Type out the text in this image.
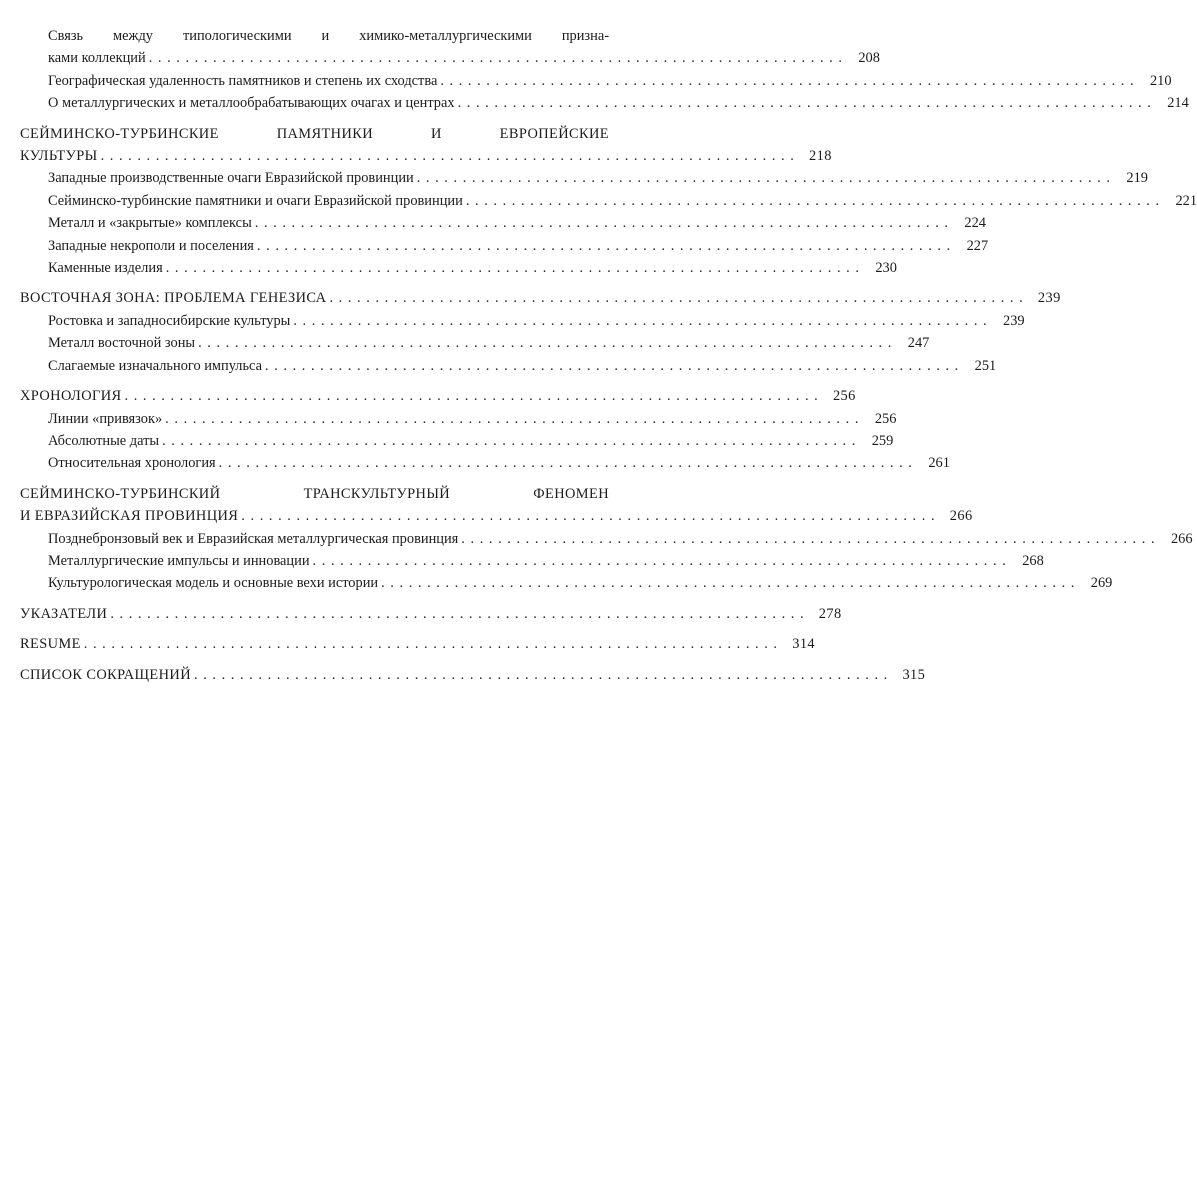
Связь между типологическими и химико-металлургическими призна-
ками коллекций . . .	208
Географическая удаленность памятников и степень их сходства . . .	210
О металлургических и металлообрабатывающих очагах и центрах . . .	214
СЕЙМИНСКО-ТУРБИНСКИЕ ПАМЯТНИКИ И ЕВРОПЕЙСКИЕ
КУЛЬТУРЫ . . .	218
Западные производственные очаги Евразийской провинции . . .	219
Сейминско-турбинские памятники и очаги Евразийской провинции . . .	221
Металл и «закрытые» комплексы . . .	224
Западные некрополи и поселения . . .	227
Каменные изделия . . .	230
ВОСТОЧНАЯ ЗОНА: ПРОБЛЕМА ГЕНЕЗИСА . . .	239
Ростовка и западносибирские культуры . . .	239
Металл восточной зоны . . .	247
Слагаемые изначального импульса . . .	251
ХРОНОЛОГИЯ . . .	256
Линии «привязок» . . .	256
Абсолютные даты . . .	259
Относительная хронология . . .	261
СЕЙМИНСКО-ТУРБИНСКИЙ ТРАНСКУЛЬТУРНЫЙ ФЕНОМЕН
И ЕВРАЗИЙСКАЯ ПРОВИНЦИЯ . . .	266
Позднебронзовый век и Евразийская металлургическая провинция . . .	266
Металлургические импульсы и инновации . . .	268
Культурологическая модель и основные вехи истории . . .	269
УКАЗАТЕЛИ . . .	278
RESUME . . .	314
СПИСОК СОКРАЩЕНИЙ . . .	315
